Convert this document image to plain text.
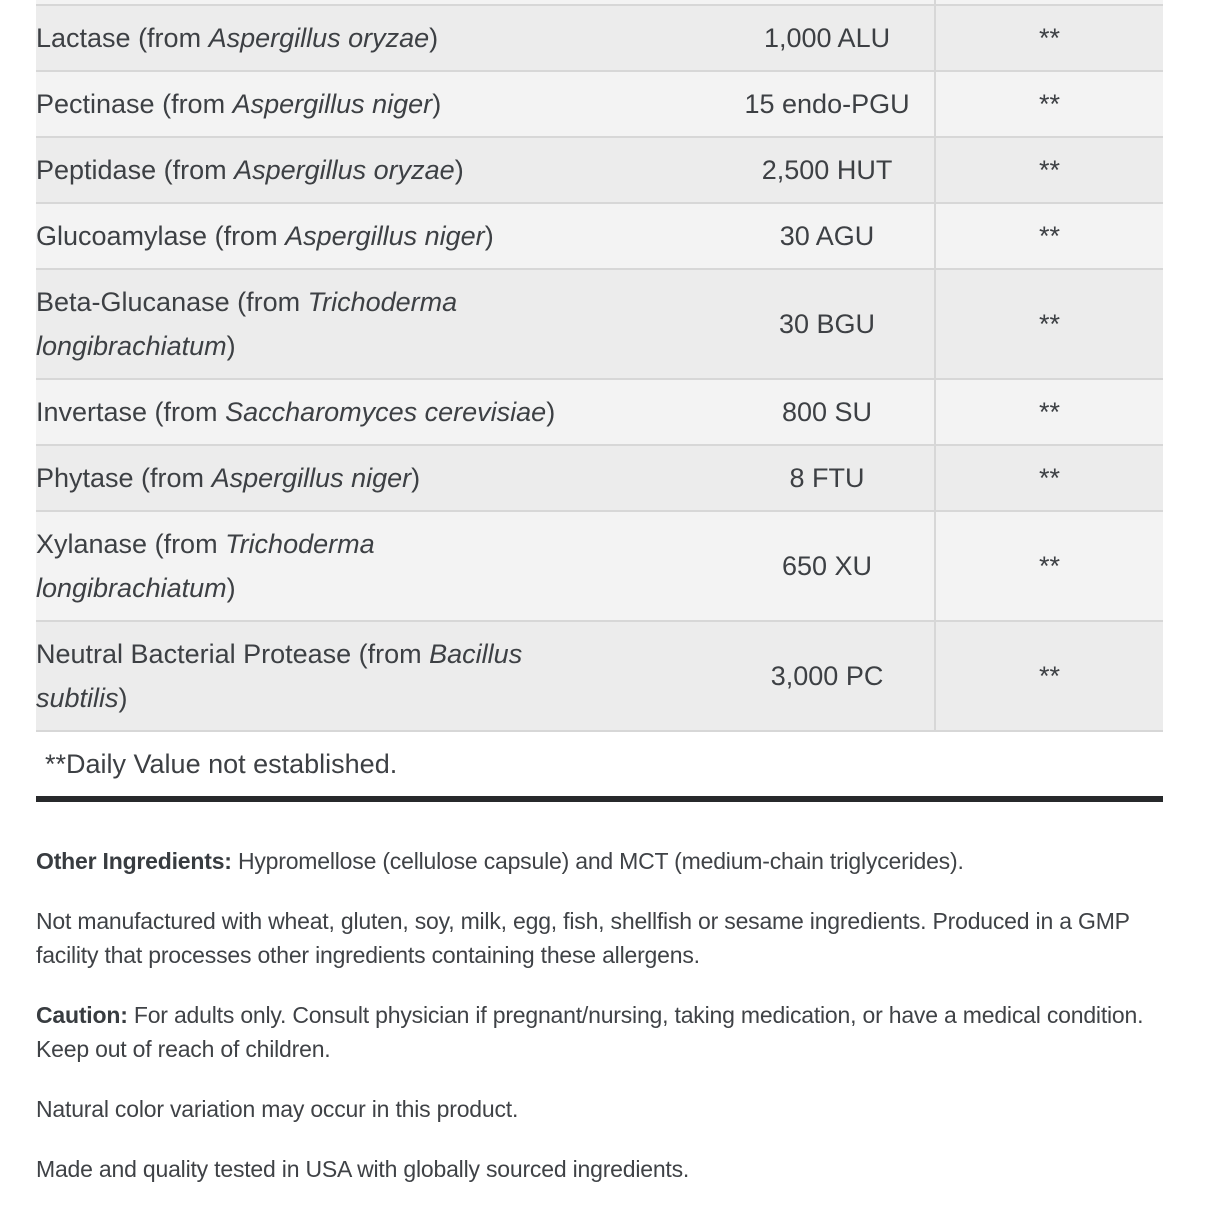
Lactase (from Aspergillus oryzae)	1,000 ALU	**
Pectinase (from Aspergillus niger)	15 endo-PGU	**
Peptidase (from Aspergillus oryzae)	2,500 HUT	**
Glucoamylase (from Aspergillus niger)	30 AGU	**
Beta-Glucanase (from Trichoderma
longibrachiatum)	30 BGU	**
Invertase (from Saccharomyces cerevisiae)	800 SU	**
Phytase (from Aspergillus niger)	8 FTU	**
Xylanase (from Trichoderma
longibrachiatum)	650 XU	**
Neutral Bacterial Protease (from Bacillus
subtilis)	3,000 PC	**
**Daily Value not established.

Other Ingredients: Hypromellose (cellulose capsule) and MCT (medium-chain triglycerides).

Not manufactured with wheat, gluten, soy, milk, egg, fish, shellfish or sesame ingredients. Produced in a GMP facility that processes other ingredients containing these allergens.

Caution: For adults only. Consult physician if pregnant/nursing, taking medication, or have a medical condition. Keep out of reach of children.

Natural color variation may occur in this product.

Made and quality tested in USA with globally sourced ingredients.
